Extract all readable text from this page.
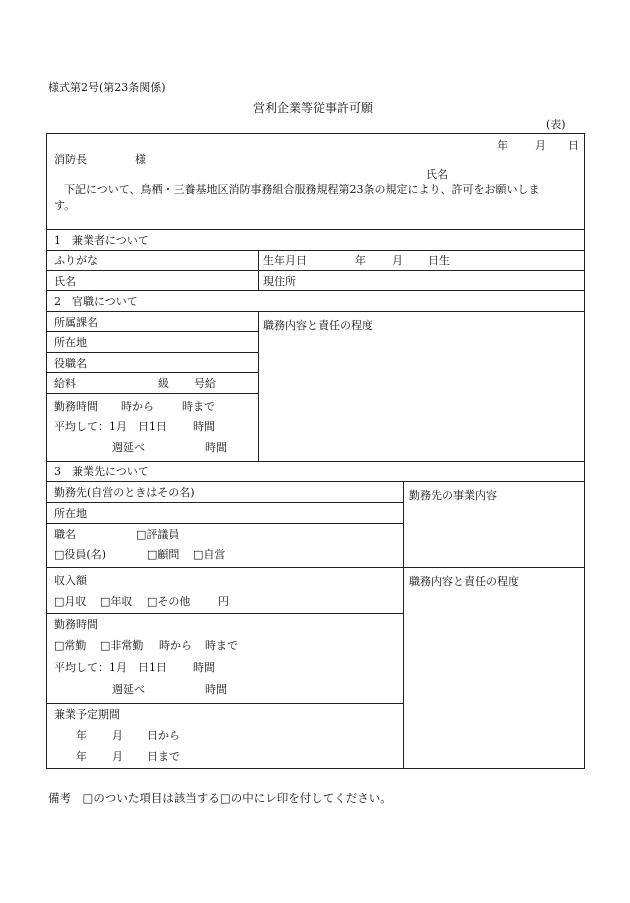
様式第2号(第23条関係)
営利企業等従事許可願
(表)
年 月 日
消防長	様
氏名
下記について、鳥栖・三養基地区消防事務組合服務規程第23条の規定により、許可をお願いしま
す。
1　兼業者について
ふりがな	生年月日	年 月 日生
氏名	現住所
2　官職について
所属課名	職務内容と責任の程度
所在地
役職名
給料	級 号給
勤務時間 時から	時まで
平均して：1月　日1日 時間
週延べ	時間
3　兼業先について
勤務先(自営のときはその名)	勤務先の事業内容
所在地
職名	□評議員
□役員(名)	□顧問 □自営
収入額	職務内容と責任の程度
□月収 □年収 □その他	円
勤務時間
□常勤 □非常勤 時から 時まで
平均して：1月　日1日 時間
週延べ	時間
兼業予定期間
年 月 日から
年 月 日まで
備考　□のついた項目は該当する□の中にレ印を付してください。
